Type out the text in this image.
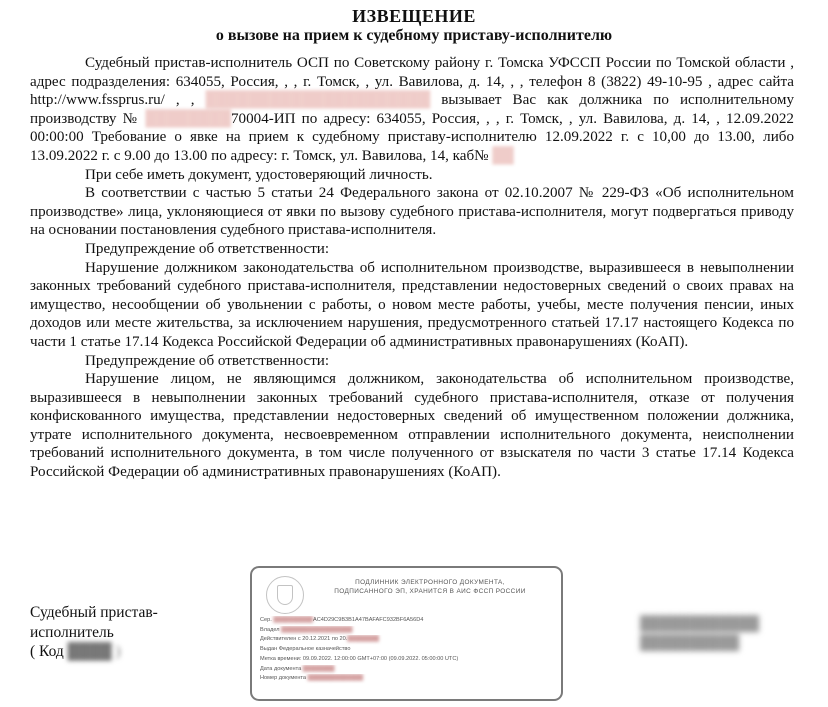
ИЗВЕЩЕНИЕ
о вызове на прием к судебному приставу-исполнителю

Судебный пристав-исполнитель ОСП по Советскому району г. Томска УФССП России по Томской области , адрес подразделения: 634055, Россия, , , г. Томск, , ул. Вавилова, д. 14, , , телефон 8 (3822) 49-10-95 , адрес сайта http://www.fssprus.ru/ , , █████████████████████ вызывает Вас как должника по исполнительному производству № ████████70004-ИП по адресу: 634055, Россия, , , г. Томск, , ул. Вавилова, д. 14, , 12.09.2022 00:00:00 Требование о явке на прием к судебному приставу-исполнителю 12.09.2022 г. с 10,00 до 13.00, либо 13.09.2022 г. с 9.00 до 13.00 по адресу: г. Томск, ул. Вавилова, 14, каб№ ██

При себе иметь документ, удостоверяющий личность.

В соответствии с частью 5 статьи 24 Федерального закона от 02.10.2007 № 229-ФЗ «Об исполнительном производстве» лица, уклоняющиеся от явки по вызову судебного пристава-исполнителя, могут подвергаться приводу на основании постановления судебного пристава-исполнителя.

Предупреждение об ответственности:

Нарушение должником законодательства об исполнительном производстве, выразившееся в невыполнении законных требований судебного пристава-исполнителя, представлении недостоверных сведений о своих правах на имущество, несообщении об увольнении с работы, о новом месте работы, учебы, месте получения пенсии, иных доходов или месте жительства, за исключением нарушения, предусмотренного статьей 17.17 настоящего Кодекса по части 1 статье 17.14 Кодекса Российской Федерации об административных правонарушениях (КоАП).

Предупреждение об ответственности:

Нарушение лицом, не являющимся должником, законодательства об исполнительном производстве, выразившееся в невыполнении законных требований судебного пристава-исполнителя, отказе от получения конфискованного имущества, представлении недостоверных сведений об имущественном положении должника, утрате исполнительного документа, несвоевременном отправлении исполнительного документа, неисполнении требований исполнительного документа, в том числе полученного от взыскателя по части 3 статье 17.14 Кодекса Российской Федерации об административных правонарушениях (КоАП).

Судебный пристав-
исполнитель
( Код ████ )
ПОДЛИННИК ЭЛЕКТРОННОГО ДОКУМЕНТА,
ПОДПИСАННОГО ЭП, ХРАНИТСЯ В АИС ФССП РОССИИ
Сер. ██████████AC4D29C9B3B1A47BAFAFC932BF6A56D4
Владел ██████████████████
Действителен с 20.12.2021 по 20.████████
Выдан Федеральное казначейство
Метка времени: 09.09.2022. 12:00:00 GMT+07:00 (09.09.2022. 05:00:00 UTC)
Дата документа ████████
Номер документа ██████████████
████████████
██████████
